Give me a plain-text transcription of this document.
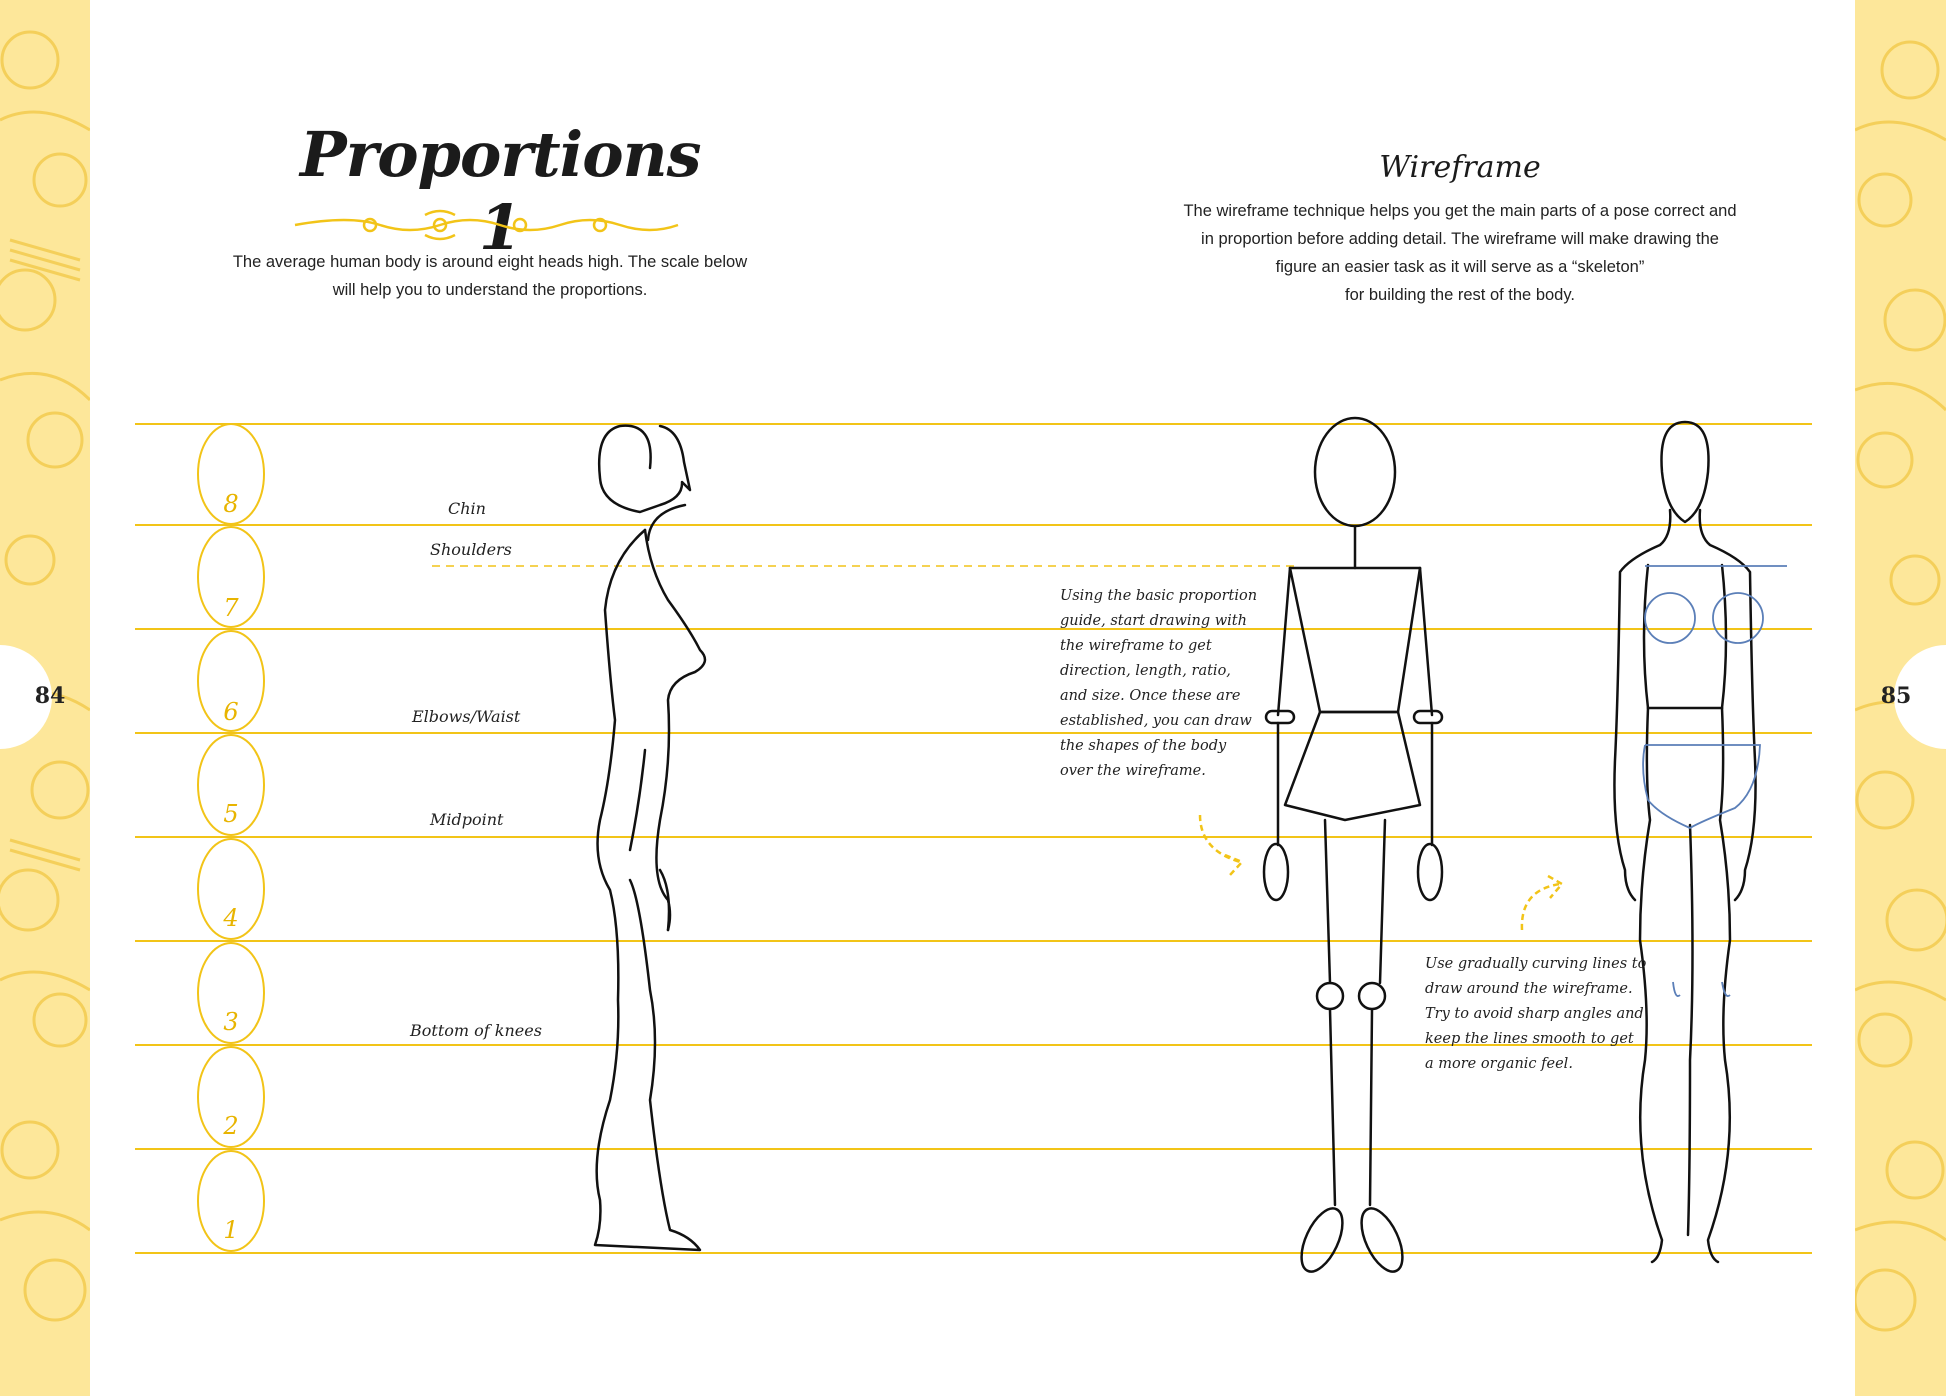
84	85
Proportions 1
The average human body is around eight heads high. The scale below
will help you to understand the proportions.
Wireframe
The wireframe technique helps you get the main parts of a pose correct and
in proportion before adding detail. The wireframe will make drawing the
figure an easier task as it will serve as a “skeleton”
for building the rest of the body.
8
7
6
5
4
3
2
1
Chin
Shoulders
Elbows/Waist
Midpoint
Bottom of knees
Using the basic proportion
guide, start drawing with
the wireframe to get
direction, length, ratio,
and size. Once these are
established, you can draw
the shapes of the body
over the wireframe.
Use gradually curving lines to
draw around the wireframe.
Try to avoid sharp angles and
keep the lines smooth to get
a more organic feel.
